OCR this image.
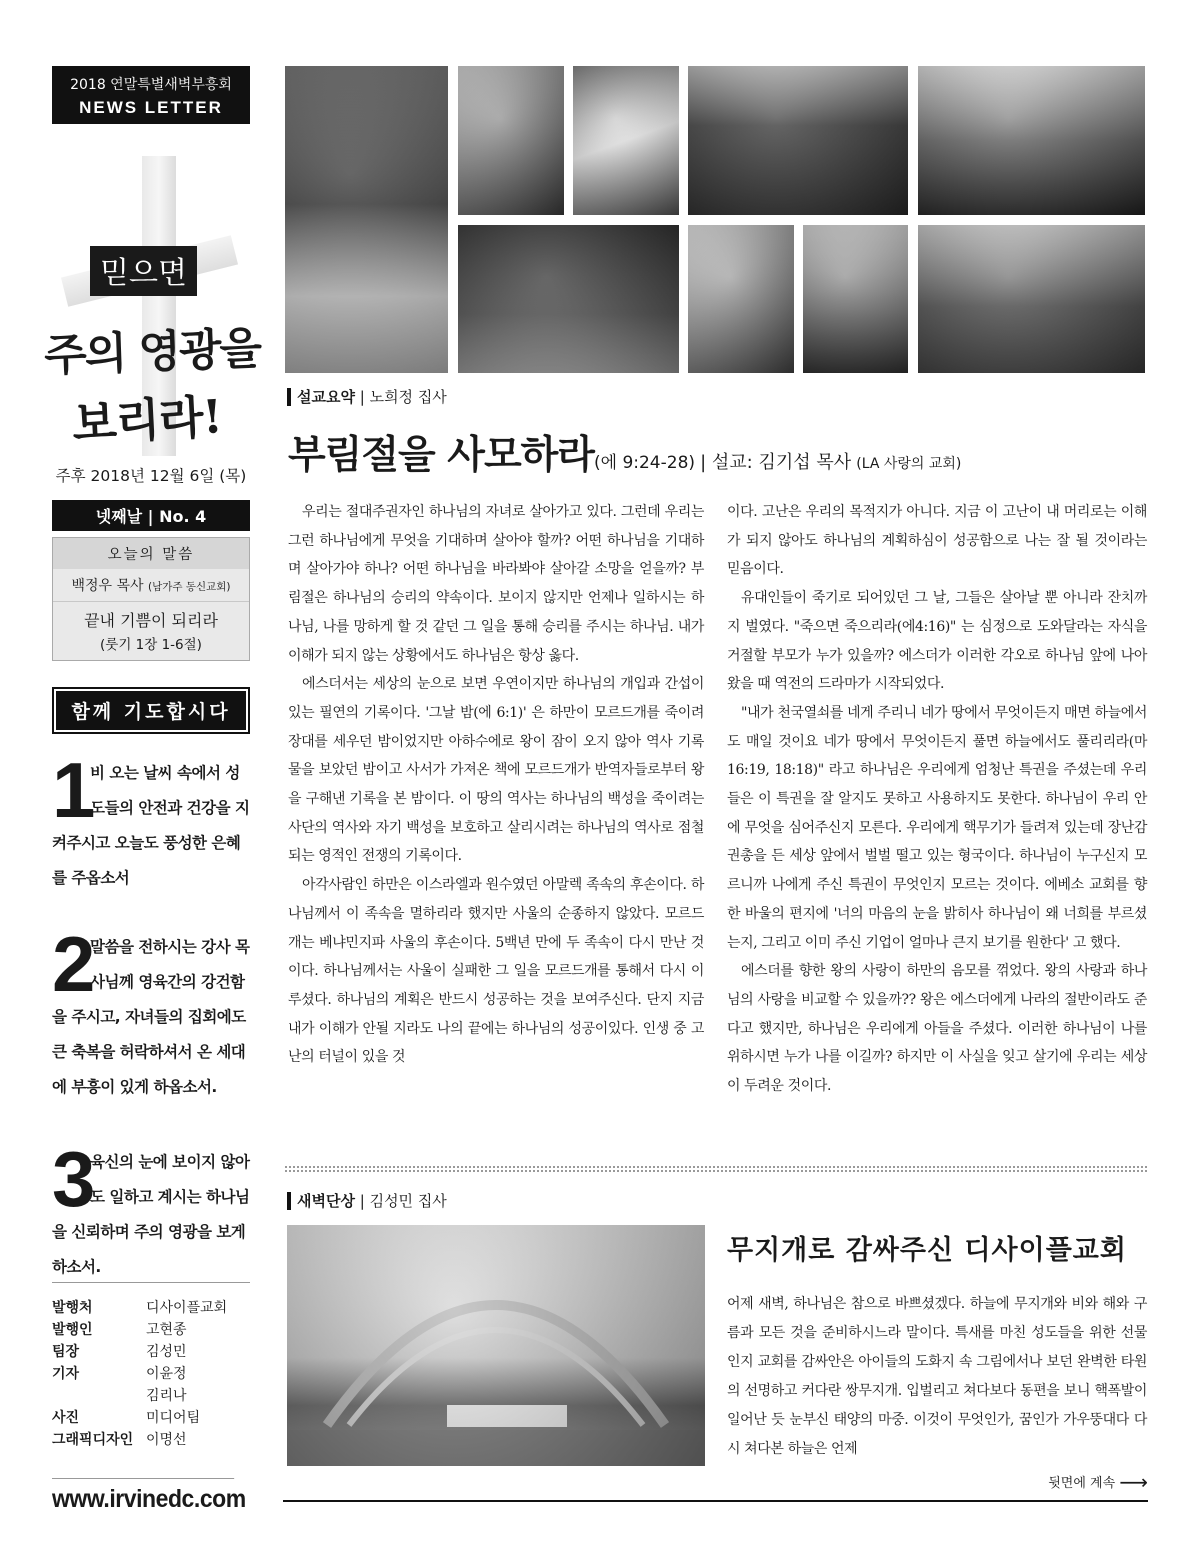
2018 연말특별새벽부흥회
NEWS LETTER
믿으면
주의 영광을
보리라!
주후 2018년 12월 6일 (목)
넷째날 | No. 4
오늘의 말씀
백정우 목사 (남가주 동신교회)
끝내 기쁨이 되리라
(룻기 1장 1-6절)
함께 기도합시다
1

비 오는 날씨 속에서 성도들의 안전과 건강을 지켜주시고 오늘도 풍성한 은혜를 주옵소서

2

말씀을 전하시는 강사 목사님께 영육간의 강건함을 주시고, 자녀들의 집회에도 큰 축복을 허락하셔서 온 세대에 부흥이 있게 하옵소서.

3

육신의 눈에 보이지 않아도 일하고 계시는 하나님을 신뢰하며 주의 영광을 보게 하소서.

발행처	디사이플교회
발행인	고현종
팀장	김성민
기자	이윤정
김리나
사진	미디어팀
그래픽디자인 이명선
www.irvinedc.com
설교요약 | 노희정 집사
부림절을 사모하라(에 9:24-28) | 설교: 김기섭 목사 (LA 사랑의 교회)

우리는 절대주권자인 하나님의 자녀로 살아가고 있다. 그런데 우리는 그런 하나님에게 무엇을 기대하며 살아야 할까? 어떤 하나님을 기대하며 살아가야 하나? 어떤 하나님을 바라봐야 살아갈 소망을 얻을까? 부림절은 하나님의 승리의 약속이다. 보이지 않지만 언제나 일하시는 하나님, 나를 망하게 할 것 같던 그 일을 통해 승리를 주시는 하나님. 내가 이해가 되지 않는 상황에서도 하나님은 항상 옳다.

에스더서는 세상의 눈으로 보면 우연이지만 하나님의 개입과 간섭이 있는 필연의 기록이다. '그날 밤(에 6:1)' 은 하만이 모르드개를 죽이려 장대를 세우던 밤이었지만 아하수에로 왕이 잠이 오지 않아 역사 기록물을 보았던 밤이고 사서가 가져온 책에 모르드개가 반역자들로부터 왕을 구해낸 기록을 본 밤이다. 이 땅의 역사는 하나님의 백성을 죽이려는 사단의 역사와 자기 백성을 보호하고 살리시려는 하나님의 역사로 점철되는 영적인 전쟁의 기록이다.

아각사람인 하만은 이스라엘과 원수였던 아말렉 족속의 후손이다. 하나님께서 이 족속을 멸하리라 했지만 사울의 순종하지 않았다. 모르드개는 베냐민지파 사울의 후손이다. 5백년 만에 두 족속이 다시 만난 것이다. 하나님께서는 사울이 실패한 그 일을 모르드개를 통해서 다시 이루셨다. 하나님의 계획은 반드시 성공하는 것을 보여주신다. 단지 지금 내가 이해가 안될 지라도 나의 끝에는 하나님의 성공이있다. 인생 중 고난의 터널이 있을 것

이다. 고난은 우리의 목적지가 아니다. 지금 이 고난이 내 머리로는 이해가 되지 않아도 하나님의 계획하심이 성공함으로 나는 잘 될 것이라는 믿음이다.

유대인들이 죽기로 되어있던 그 날, 그들은 살아날 뿐 아니라 잔치까지 벌였다. "죽으면 죽으리라(에4:16)" 는 심정으로 도와달라는 자식을 거절할 부모가 누가 있을까? 에스더가 이러한 각오로 하나님 앞에 나아왔을 때 역전의 드라마가 시작되었다.

"내가 천국열쇠를 네게 주리니 네가 땅에서 무엇이든지 매면 하늘에서도 매일 것이요 네가 땅에서 무엇이든지 풀면 하늘에서도 풀리리라(마16:19, 18:18)" 라고 하나님은 우리에게 엄청난 특권을 주셨는데 우리들은 이 특권을 잘 알지도 못하고 사용하지도 못한다. 하나님이 우리 안에 무엇을 심어주신지 모른다. 우리에게 핵무기가 들려져 있는데 장난감 권총을 든 세상 앞에서 벌벌 떨고 있는 형국이다. 하나님이 누구신지 모르니까 나에게 주신 특권이 무엇인지 모르는 것이다. 에베소 교회를 향한 바울의 편지에 '너의 마음의 눈을 밝히사 하나님이 왜 너희를 부르셨는지, 그리고 이미 주신 기업이 얼마나 큰지 보기를 원한다' 고 했다.

에스더를 향한 왕의 사랑이 하만의 음모를 꺾었다. 왕의 사랑과 하나님의 사랑을 비교할 수 있을까?? 왕은 에스더에게 나라의 절반이라도 준다고 했지만, 하나님은 우리에게 아들을 주셨다. 이러한 하나님이 나를 위하시면 누가 나를 이길까? 하지만 이 사실을 잊고 살기에 우리는 세상이 두려운 것이다.

새벽단상 | 김성민 집사
무지개로 감싸주신 디사이플교회

어제 새벽, 하나님은 참으로 바쁘셨겠다. 하늘에 무지개와 비와 해와 구름과 모든 것을 준비하시느라 말이다. 특새를 마친 성도들을 위한 선물인지 교회를 감싸안은 아이들의 도화지 속 그림에서나 보던 완벽한 타원의 선명하고 커다란 쌍무지개. 입벌리고 쳐다보다 동편을 보니 핵폭발이 일어난 듯 눈부신 태양의 마중. 이것이 무엇인가, 꿈인가 가우뚱대다 다시 쳐다본 하늘은 언제

뒷면에 계속 ⟶
